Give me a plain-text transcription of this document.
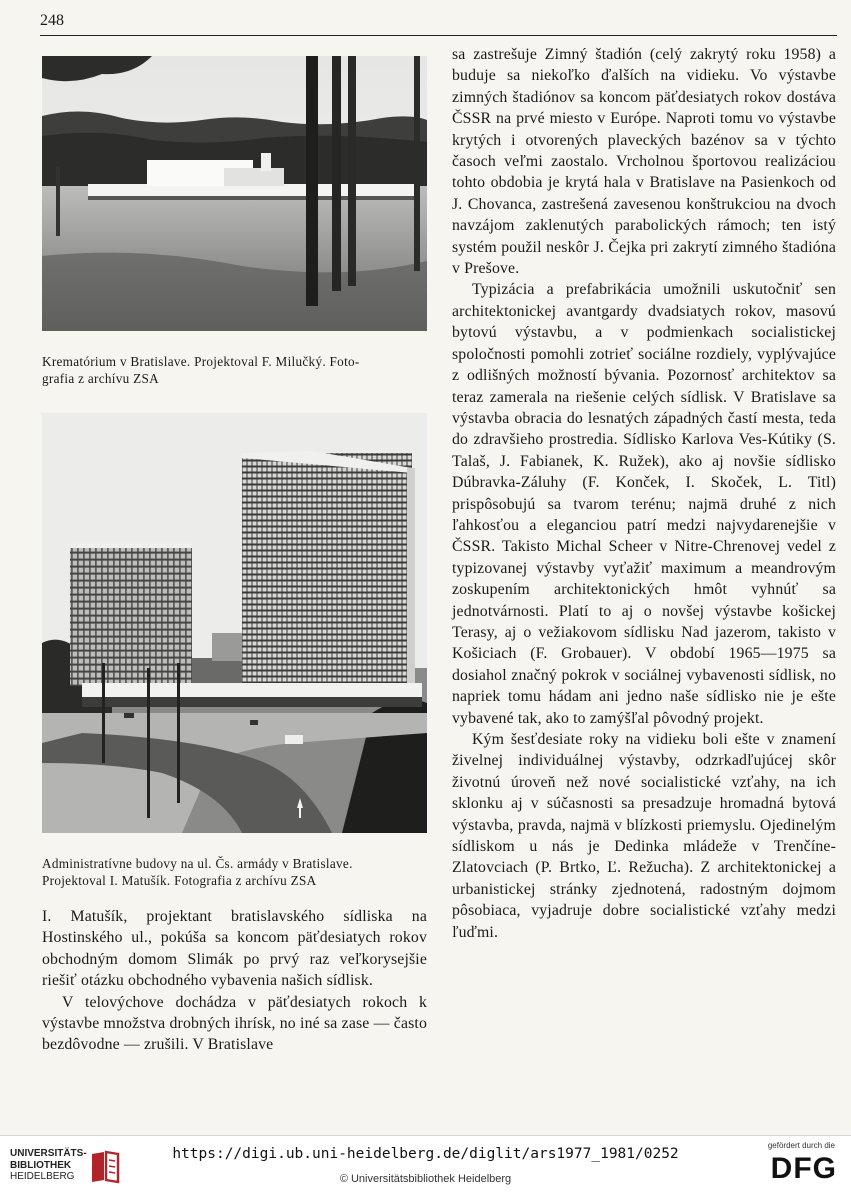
248
Krematórium v Bratislave. Projektoval F. Milučký. Foto-
grafia z archívu ZSA
Administratívne budovy na ul. Čs. armády v Bratislave.
Projektoval I. Matušík. Fotografia z archívu ZSA

I. Matušík, projektant bratislavského sídliska na Hostinského ul., pokúša sa koncom päťdesiatych rokov obchodným domom Slimák po prvý raz veľkorysejšie riešiť otázku obchodného vybavenia našich sídlisk.

V telovýchove dochádza v päťdesiatych rokoch k výstavbe množstva drobných ihrísk, no iné sa zase — často bezdôvodne — zrušili. V Bratislave

sa zastrešuje Zimný štadión (celý zakrytý roku 1958) a buduje sa niekoľko ďalších na vidieku. Vo výstavbe zimných štadiónov sa koncom päťdesiatych rokov dostáva ČSSR na prvé miesto v Európe. Naproti tomu vo výstavbe krytých i otvorených plaveckých bazénov sa v týchto časoch veľmi zaostalo. Vrcholnou športovou realizáciou tohto obdobia je krytá hala v Bratislave na Pasienkoch od J. Chovanca, zastrešená zavesenou konštrukciou na dvoch navzájom zaklenutých parabolických rámoch; ten istý systém použil neskôr J. Čejka pri zakrytí zimného štadióna v Prešove.

Typizácia a prefabrikácia umožnili uskutočniť sen architektonickej avantgardy dvadsiatych rokov, masovú bytovú výstavbu, a v podmienkach socialistickej spoločnosti pomohli zotrieť sociálne rozdiely, vyplývajúce z odlišných možností bývania. Pozornosť architektov sa teraz zamerala na riešenie celých sídlisk. V Bratislave sa výstavba obracia do lesnatých západných častí mesta, teda do zdravšieho prostredia. Sídlisko Karlova Ves-Kútiky (S. Talaš, J. Fabianek, K. Ružek), ako aj novšie sídlisko Dúbravka-Záluhy (F. Konček, I. Skoček, L. Titl) prispôsobujú sa tvarom terénu; najmä druhé z nich ľahkosťou a eleganciou patrí medzi najvydarenejšie v ČSSR. Takisto Michal Scheer v Nitre-Chrenovej vedel z typizovanej výstavby vyťažiť maximum a meandrovým zoskupením architektonických hmôt vyhnúť sa jednotvárnosti. Platí to aj o novšej výstavbe košickej Terasy, aj o vežiakovom sídlisku Nad jazerom, takisto v Košiciach (F. Grobauer). V období 1965—1975 sa dosiahol značný pokrok v sociálnej vybavenosti sídlisk, no napriek tomu hádam ani jedno naše sídlisko nie je ešte vybavené tak, ako to zamýšľal pôvodný projekt.

Kým šesťdesiate roky na vidieku boli ešte v znamení živelnej individuálnej výstavby, odzrkadľujúcej skôr životnú úroveň než nové socialistické vzťahy, na ich sklonku aj v súčasnosti sa presadzuje hromadná bytová výstavba, pravda, najmä v blízkosti priemyslu. Ojedinelým sídliskom u nás je Dedinka mládeže v Trenčíne-Zlatovciach (P. Brtko, Ľ. Režucha). Z architektonickej a urbanistickej stránky zjednotená, radostným dojmom pôsobiaca, vyjadruje dobre socialistické vzťahy medzi ľuďmi.

UNIVERSITÄTS-
BIBLIOTHEK
HEIDELBERG
https://digi.ub.uni-heidelberg.de/diglit/ars1977_1981/0252
© Universitätsbibliothek Heidelberg
gefördert durch die
DFG
